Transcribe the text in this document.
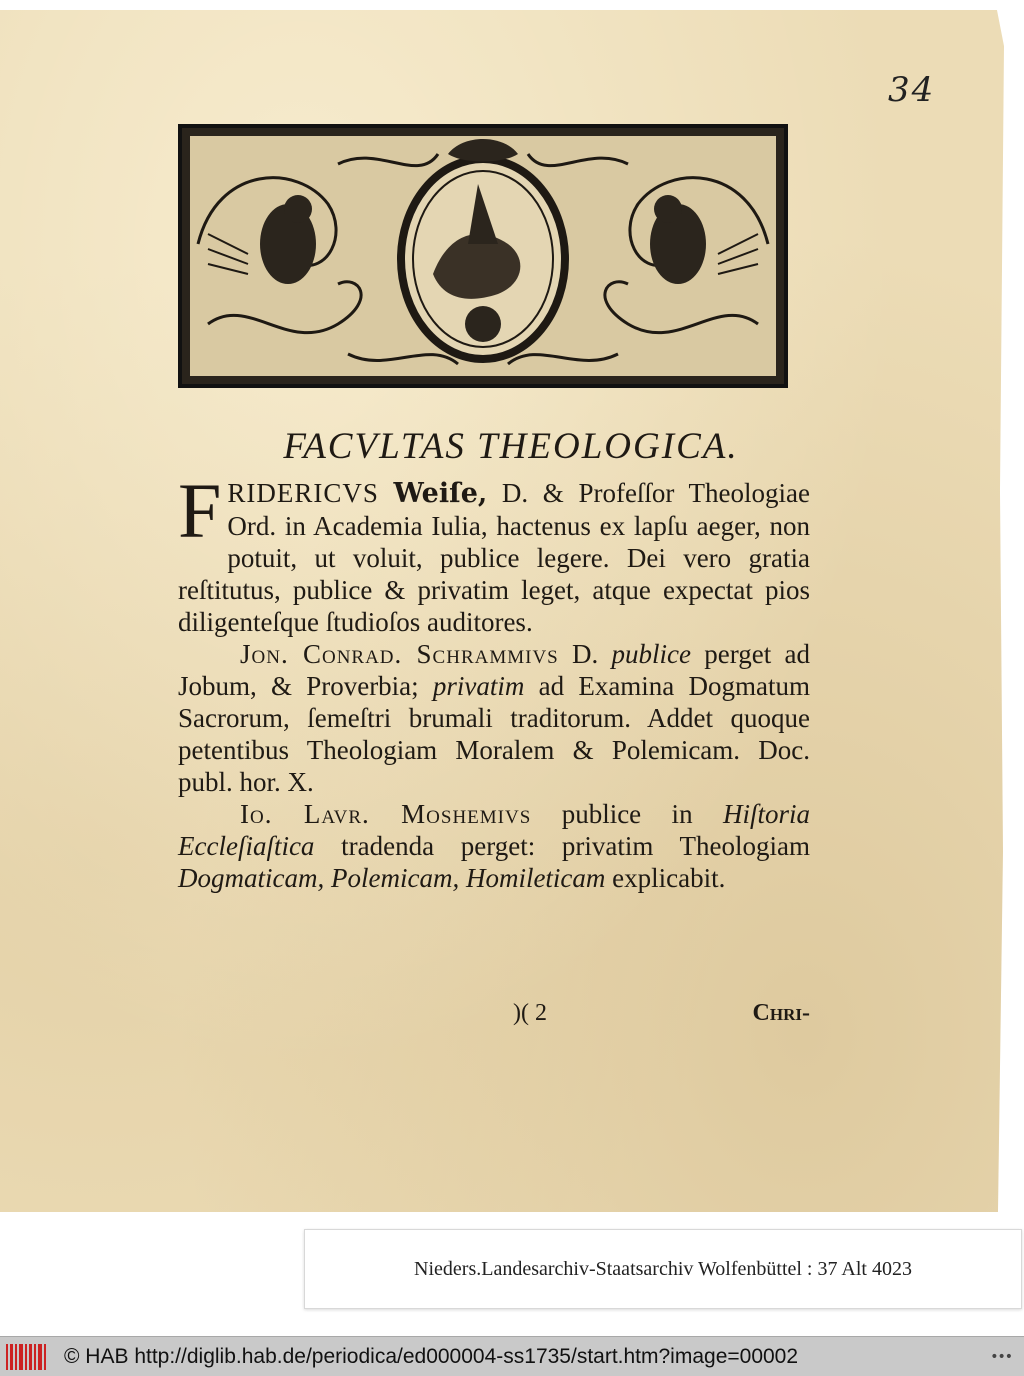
34
FACVLTAS THEOLOGICA.

FRIDERICVS Weiſe, D. & Profeſſor Theologiae Ord. in Academia Iulia, hactenus ex lapſu aeger, non potuit, ut voluit, publice legere. Dei vero gratia reſtitutus, publice & privatim leget, atque expectat pios diligenteſque ſtudioſos auditores.

Jon. Conrad. Schrammivs D. publice perget ad Jobum, & Proverbia; privatim ad Examina Dogmatum Sacrorum, ſemeſtri brumali traditorum. Addet quoque petentibus Theologiam Moralem & Polemicam. Doc. publ. hor. X.

Io. Lavr. Moshemivs publice in Hiſtoria Eccleſiaſtica tradenda perget: privatim Theologiam Dogmaticam, Polemicam, Homileticam explicabit.

)( 2	Chri-
Nieders.Landesarchiv-Staatsarchiv Wolfenbüttel : 37 Alt 4023
© HAB http://diglib.hab.de/periodica/ed000004-ss1735/start.htm?image=00002	•••
